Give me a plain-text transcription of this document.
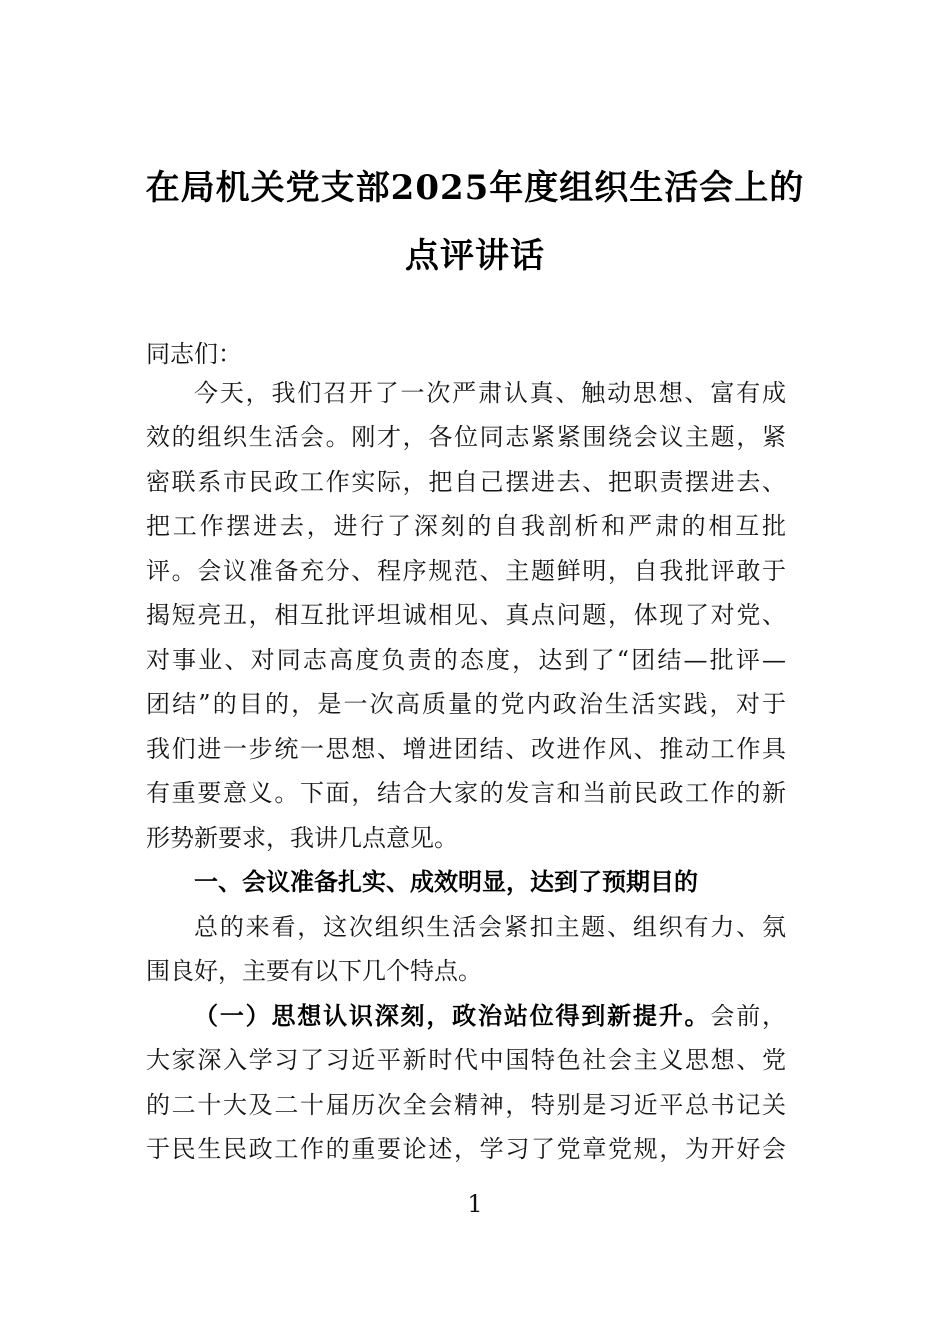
在局机关党支部2025年度组织生活会上的
点评讲话
同志们：
今天，我们召开了一次严肃认真、触动思想、富有成
效的组织生活会。刚才，各位同志紧紧围绕会议主题，紧
密联系市民政工作实际，把自己摆进去、把职责摆进去、
把工作摆进去，进行了深刻的自我剖析和严肃的相互批
评。会议准备充分、程序规范、主题鲜明，自我批评敢于
揭短亮丑，相互批评坦诚相见、真点问题，体现了对党、
对事业、对同志高度负责的态度，达到了“团结—批评—
团结”的目的，是一次高质量的党内政治生活实践，对于
我们进一步统一思想、增进团结、改进作风、推动工作具
有重要意义。下面，结合大家的发言和当前民政工作的新
形势新要求，我讲几点意见。
一、会议准备扎实、成效明显，达到了预期目的
总的来看，这次组织生活会紧扣主题、组织有力、氛
围良好，主要有以下几个特点。
（一）思想认识深刻，政治站位得到新提升。会前，
大家深入学习了习近平新时代中国特色社会主义思想、党
的二十大及二十届历次全会精神，特别是习近平总书记关
于民生民政工作的重要论述，学习了党章党规，为开好会
1
